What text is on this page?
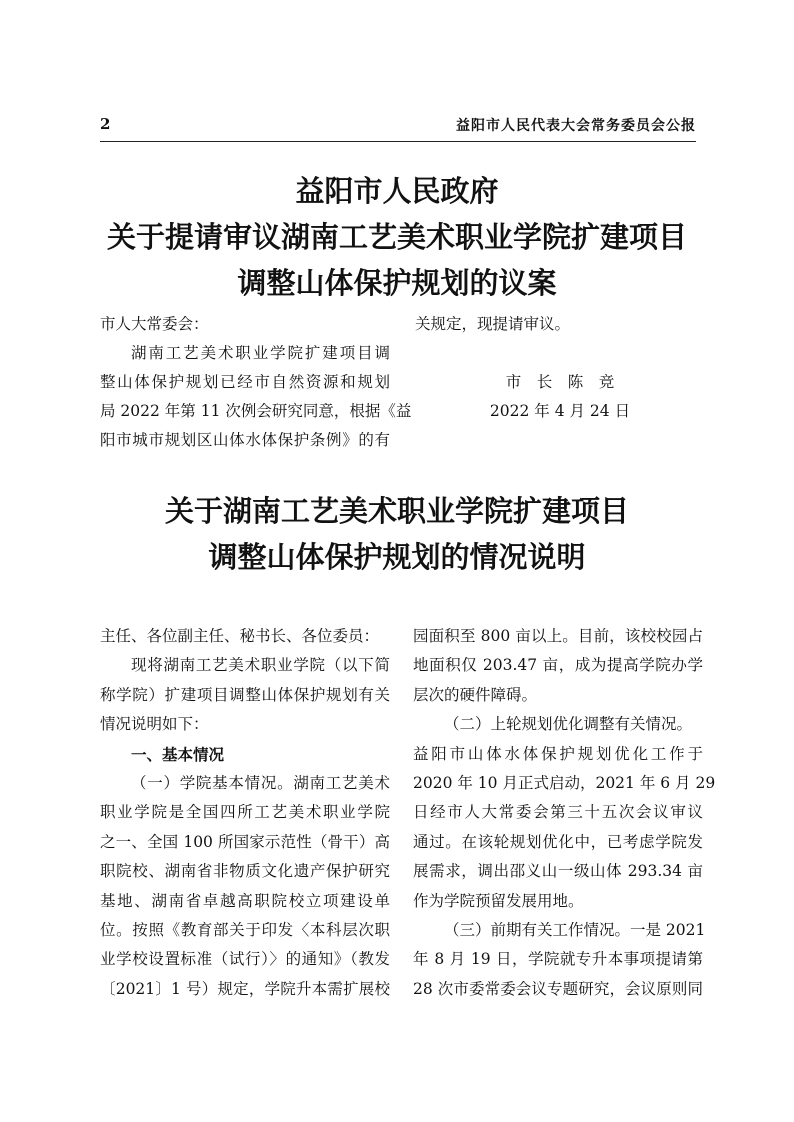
2	益阳市人民代表大会常务委员会公报
益阳市人民政府
关于提请审议湖南工艺美术职业学院扩建项目
调整山体保护规划的议案

市人大常委会：

湖南工艺美术职业学院扩建项目调

整山体保护规划已经市自然资源和规划

局 2022 年第 11 次例会研究同意，根据《益

阳市城市规划区山体水体保护条例》的有

关规定，现提请审议。

市　长　陈　竞

2022 年 4 月 24 日

关于湖南工艺美术职业学院扩建项目
调整山体保护规划的情况说明

主任、各位副主任、秘书长、各位委员：

现将湖南工艺美术职业学院（以下简

称学院）扩建项目调整山体保护规划有关

情况说明如下：

一、基本情况

（一）学院基本情况。湖南工艺美术

职业学院是全国四所工艺美术职业学院

之一、全国 100 所国家示范性（骨干）高

职院校、湖南省非物质文化遗产保护研究

基地、湖南省卓越高职院校立项建设单

位。按照《教育部关于印发〈本科层次职

业学校设置标准（试行）〉的通知》（教发

〔2021〕1 号）规定，学院升本需扩展校

园面积至 800 亩以上。目前，该校校园占

地面积仅 203.47 亩，成为提高学院办学

层次的硬件障碍。

（二）上轮规划优化调整有关情况。

益阳市山体水体保护规划优化工作于

2020 年 10 月正式启动，2021 年 6 月 29

日经市人大常委会第三十五次会议审议

通过。在该轮规划优化中，已考虑学院发

展需求，调出邵义山一级山体 293.34 亩

作为学院预留发展用地。

（三）前期有关工作情况。一是 2021

年 8 月 19 日，学院就专升本事项提请第

28 次市委常委会议专题研究，会议原则同
